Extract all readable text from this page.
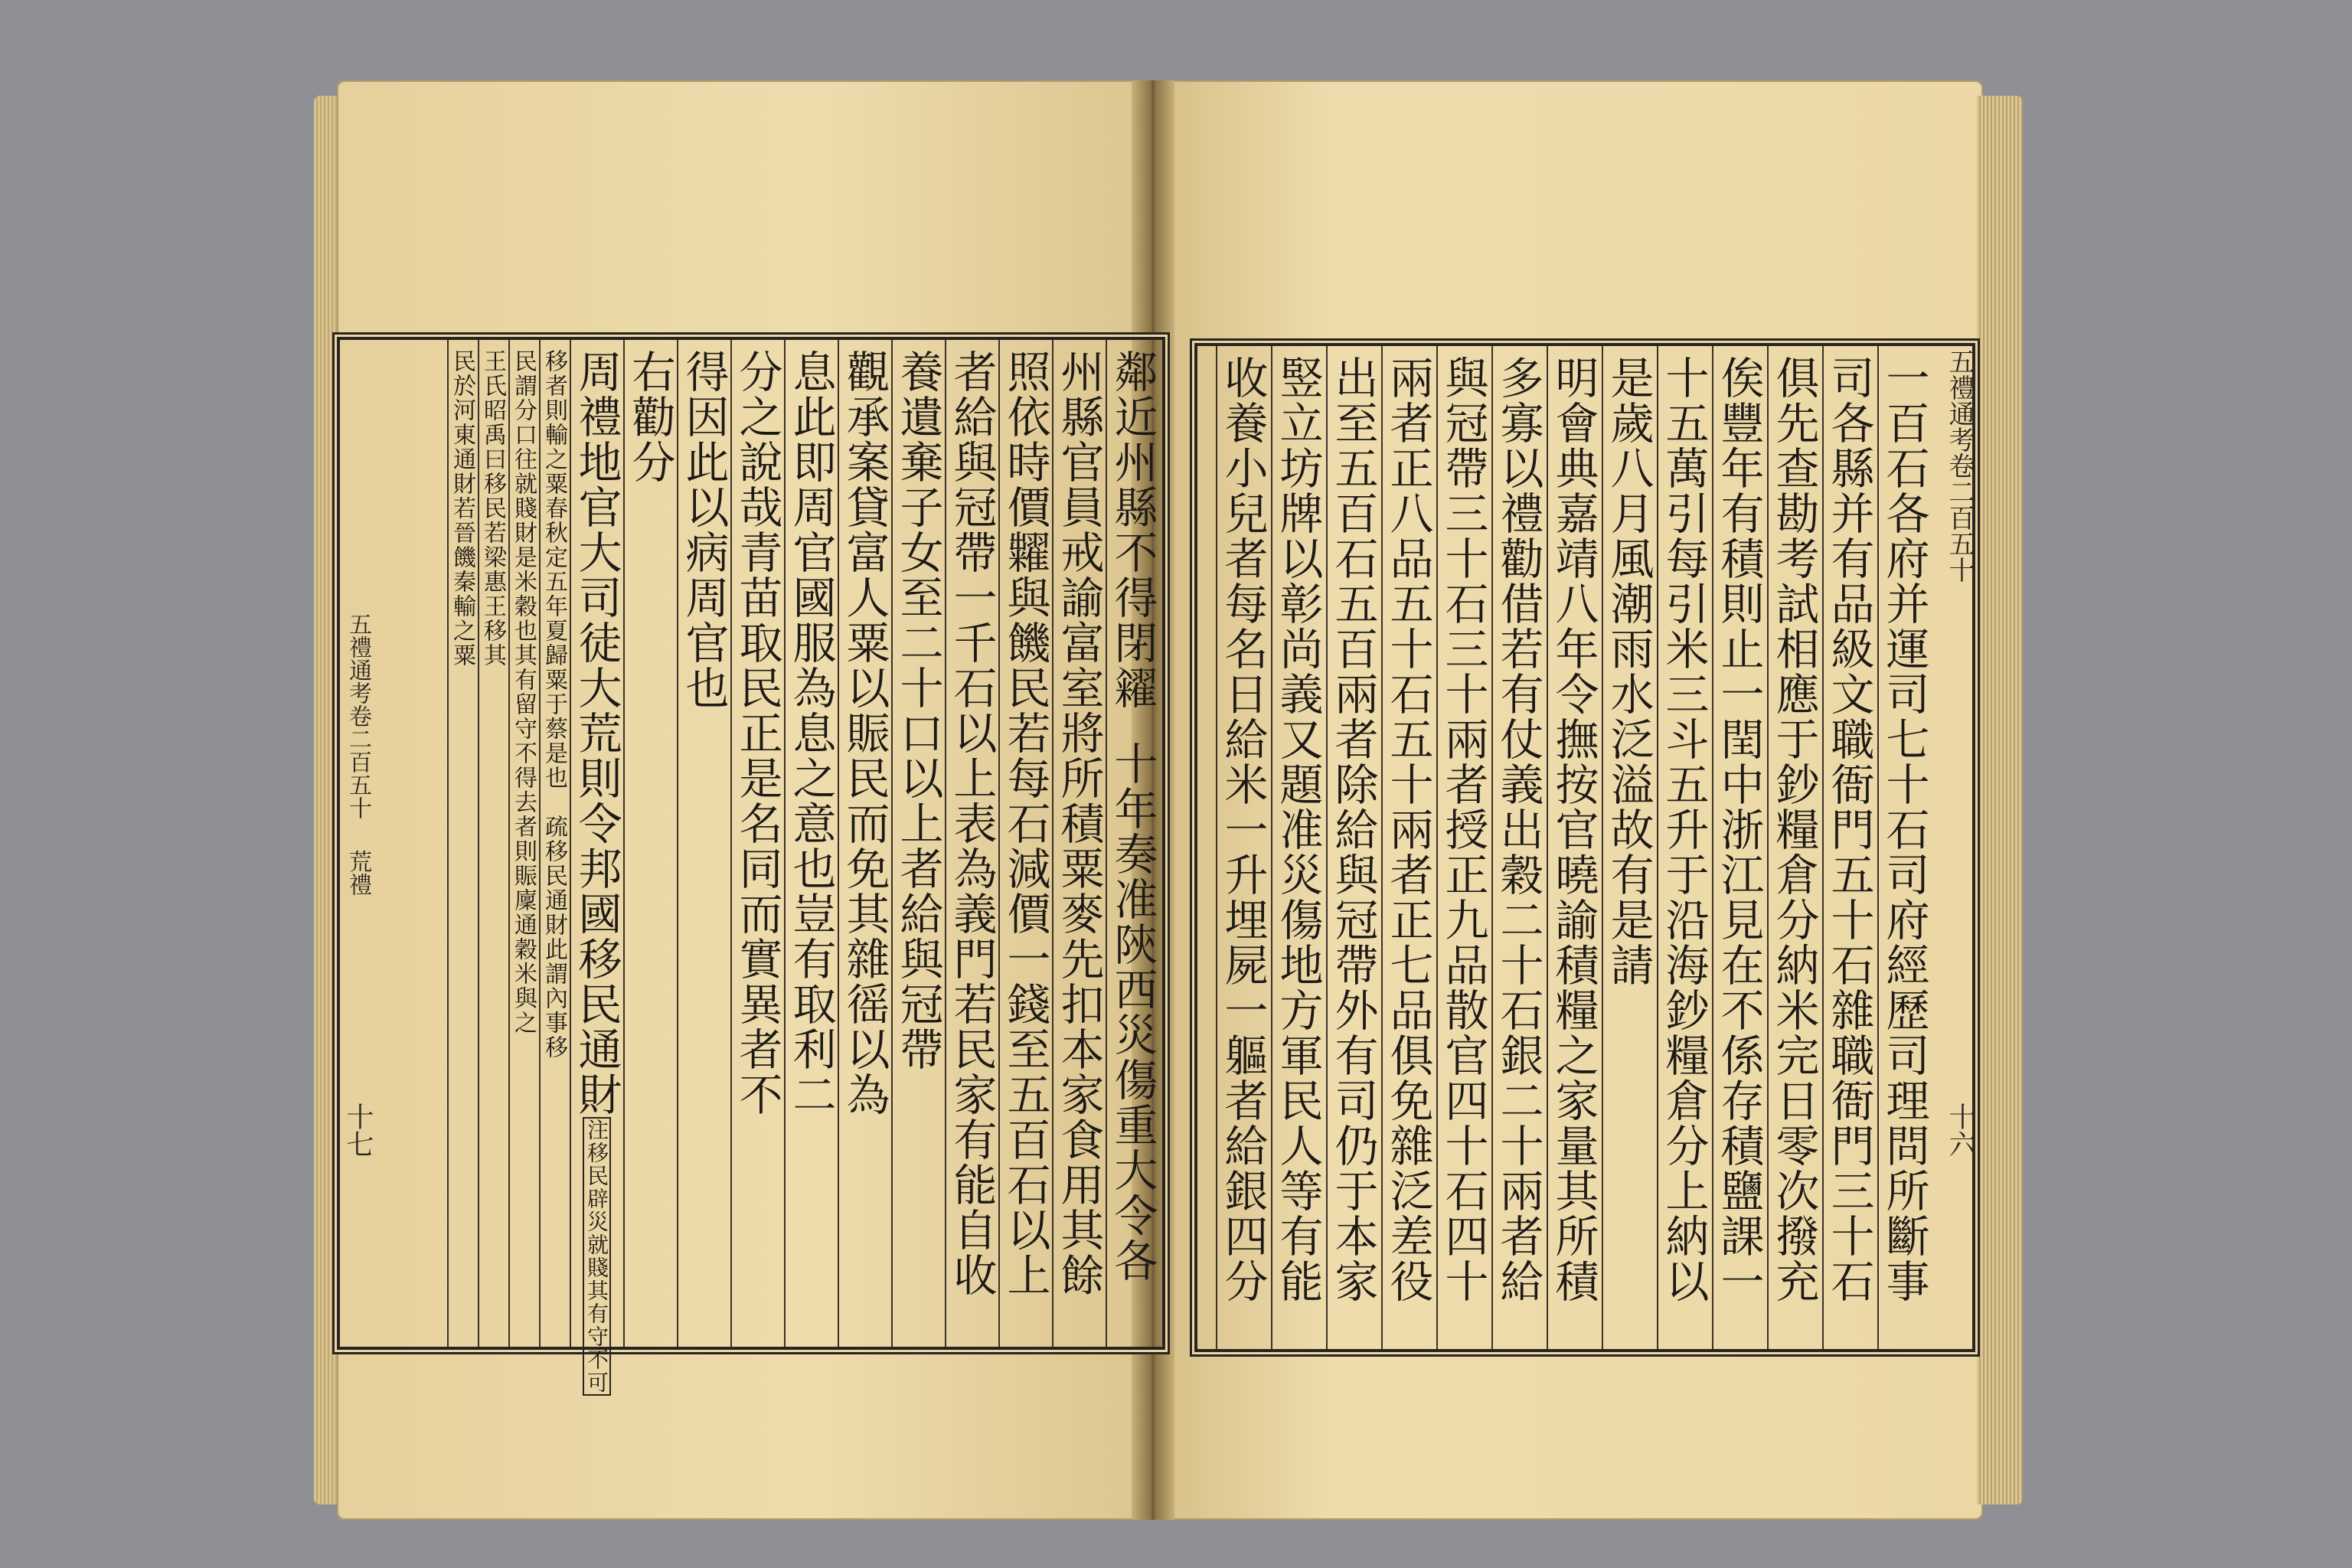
鄰近州縣不得閉糴十年奏准陝西災傷重大令各
州縣官員戒諭富室將所積粟麥先扣本家食用其餘
照依時價糶與饑民若每石減價一錢至五百石以上
者給與冠帶一千石以上表為義門若民家有能自收
養遺棄子女至二十口以上者給與冠帶
觀承案貸富人粟以賑民而免其雜徭以為
息此即周官國服為息之意也豈有取利二
分之說哉青苗取民正是名同而實異者不
得因此以病周官也
右勸分
周禮地官大司徒大荒則令邦國移民通財注移民辟災就賤其有守不可
移者則輸之粟春秋定五年夏歸粟于蔡是也　疏移民通財此謂內事移
民謂分口往就賤財是米穀也其有留守不得去者則賑廩通穀米與之
王氏昭禹曰移民若梁惠王移其
民於河東通財若晉饑秦輸之粟	一百石各府并運司七十石司府經歷司理問所斷事
司各縣并有品級文職衙門五十石雜職衙門三十石
俱先查勘考試相應于鈔糧倉分納米完日零次撥充
俟豐年有積則止一閏中浙江見在不係存積鹽課一
十五萬引每引米三斗五升于沿海鈔糧倉分上納以
是歲八月風潮雨水泛溢故有是請
明會典嘉靖八年令撫按官曉諭積糧之家量其所積
多寡以禮勸借若有仗義出穀二十石銀二十兩者給
與冠帶三十石三十兩者授正九品散官四十石四十
兩者正八品五十石五十兩者正七品俱免雜泛差役
出至五百石五百兩者除給與冠帶外有司仍于本家
竪立坊牌以彰尚義又題准災傷地方軍民人等有能
收養小兒者每名日給米一升埋屍一軀者給銀四分
五禮通考卷二百五十
荒禮
十七
五禮通考卷二百五十
十六
